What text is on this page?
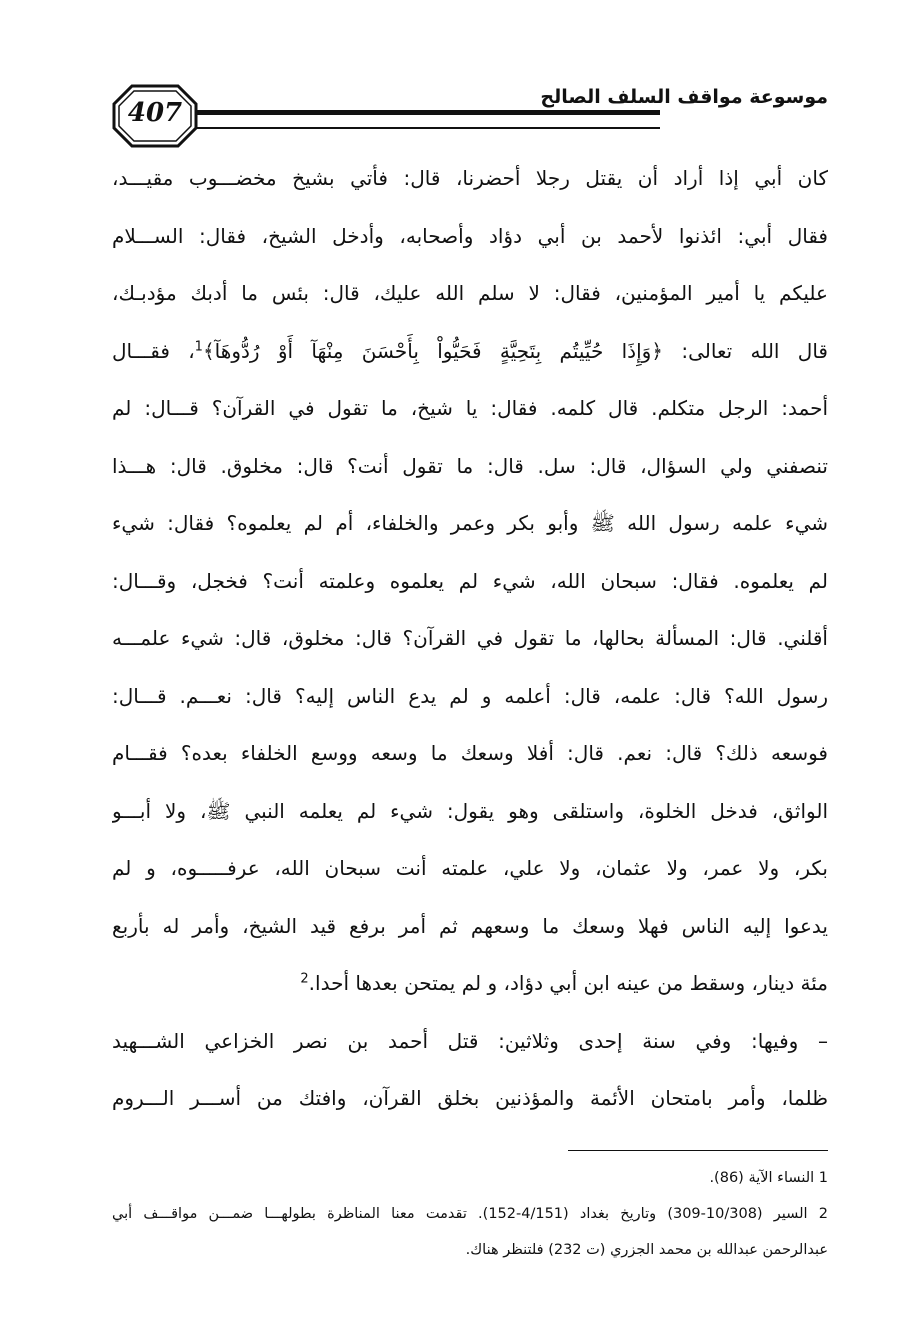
407
موسوعة مواقف السلف الصالح
كان أبي إذا أراد أن يقتل رجلا أحضرنا، قال: فأتي بشيخ مخضـــوب مقيـــد،
فقال أبي: ائذنوا لأحمد بن أبي دؤاد وأصحابه، وأدخل الشيخ، فقال: الســـلام
عليكم يا أمير المؤمنين، فقال: لا سلم الله عليك، قال: بئس ما أدبك مؤدبـك،
قال الله تعالى: ﴿وَإِذَا حُيِّيتُم بِتَحِيَّةٍ فَحَيُّواْ بِأَحْسَنَ مِنْهَآ أَوْ رُدُّوهَآ﴾$^1$، فقـــال
أحمد: الرجل متكلم. قال كلمه. فقال: يا شيخ، ما تقول في القرآن؟ قـــال: لم
تنصفني ولي السؤال، قال: سل. قال: ما تقول أنت؟ قال: مخلوق. قال: هـــذا
شيء علمه رسول الله ﷺ وأبو بكر وعمر والخلفاء، أم لم يعلموه؟ فقال: شيء
لم يعلموه. فقال: سبحان الله، شيء لم يعلموه وعلمته أنت؟ فخجل، وقـــال:
أقلني. قال: المسألة بحالها، ما تقول في القرآن؟ قال: مخلوق، قال: شيء علمـــه
رسول الله؟ قال: علمه، قال: أعلمه و لم يدع الناس إليه؟ قال: نعـــم. قـــال:
فوسعه ذلك؟ قال: نعم. قال: أفلا وسعك ما وسعه ووسع الخلفاء بعده؟ فقـــام
الواثق، فدخل الخلوة، واستلقى وهو يقول: شيء لم يعلمه النبي ﷺ، ولا أبـــو
بكر، ولا عمر، ولا عثمان، ولا علي، علمته أنت سبحان الله، عرفـــــوه، و لم
يدعوا إليه الناس فهلا وسعك ما وسعهم ثم أمر برفع قيد الشيخ، وأمر له بأربع
مئة دينار، وسقط من عينه ابن أبي دؤاد، و لم يمتحن بعدها أحدا.$^2$
– وفيها: وفي سنة إحدى وثلاثين: قتل أحمد بن نصر الخزاعي الشـــهيد
ظلما، وأمر بامتحان الأئمة والمؤذنين بخلق القرآن، وافتك من أســـر الـــروم
1 النساء الآية (86).
2 السير (10/308-309) وتاريخ بغداد (4/151-152). تقدمت معنا المناظرة بطولهـــا ضمـــن مواقـــف أبي
عبدالرحمن عبدالله بن محمد الجزري (ت 232) فلتنظر هناك.
